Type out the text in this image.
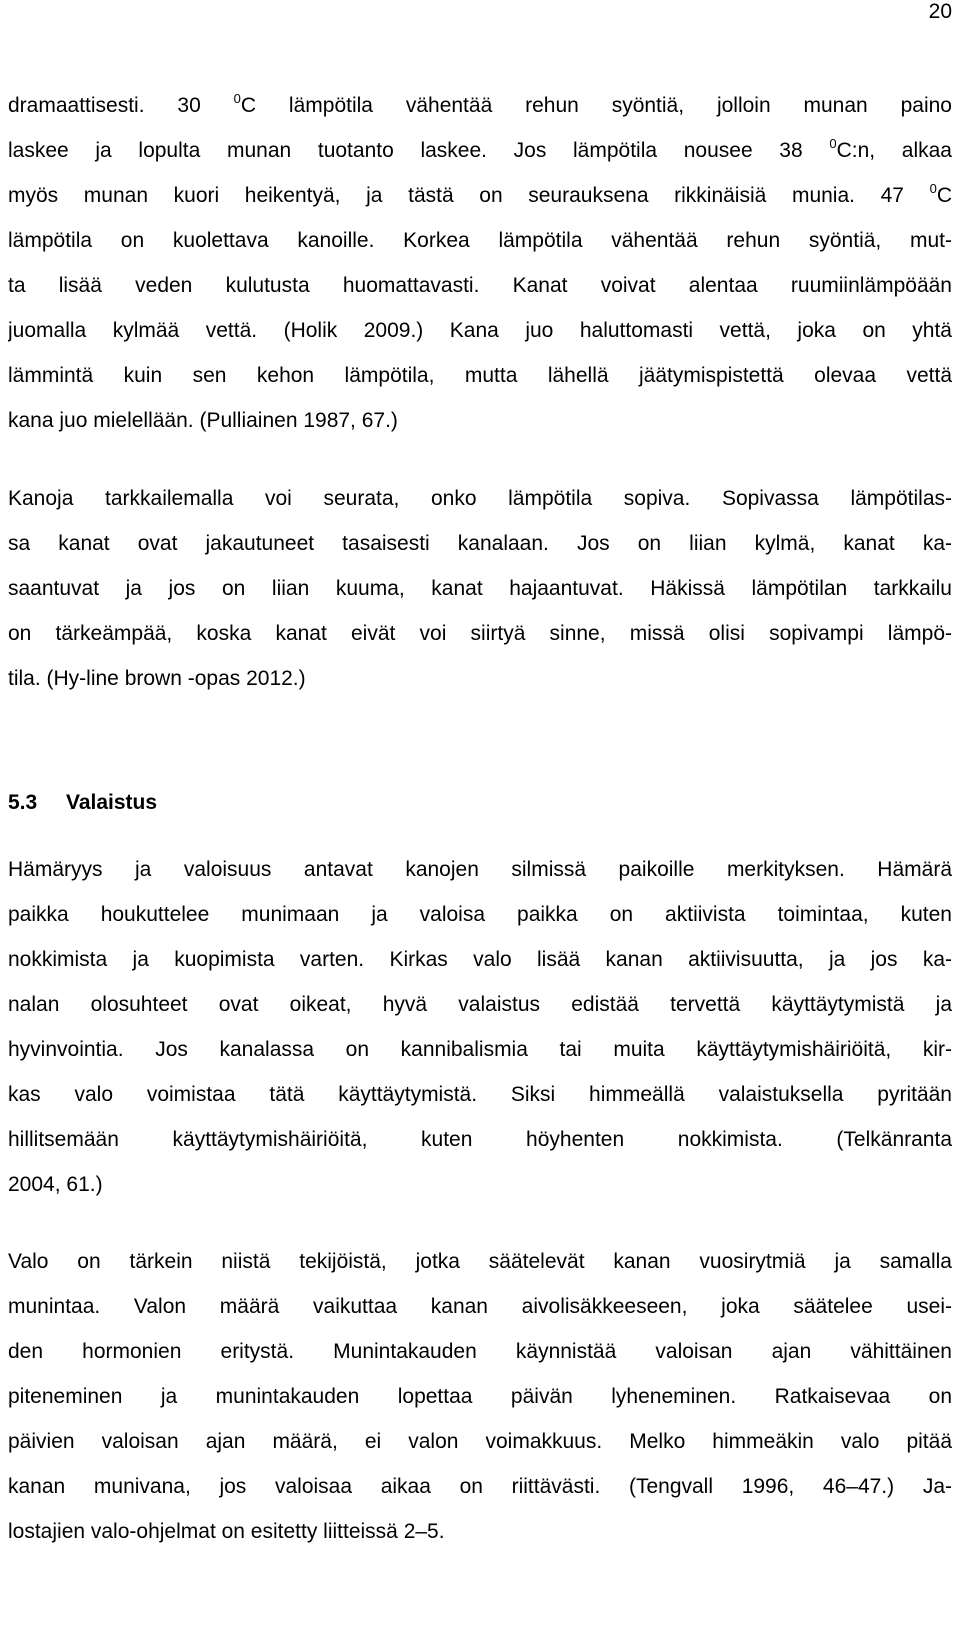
20
dramaattisesti. 30 $^0$C lämpötila vähentää rehun syöntiä, jolloin munan paino
laskee ja lopulta munan tuotanto laskee. Jos lämpötila nousee 38 $^0$C:n, alkaa
myös munan kuori heikentyä, ja tästä on seurauksena rikkinäisiä munia. 47 $^0$C
lämpötila on kuolettava kanoille. Korkea lämpötila vähentää rehun syöntiä, mut-
ta lisää veden kulutusta huomattavasti. Kanat voivat alentaa ruumiinlämpöään
juomalla kylmää vettä. (Holik 2009.) Kana juo haluttomasti vettä, joka on yhtä
lämmintä kuin sen kehon lämpötila, mutta lähellä jäätymispistettä olevaa vettä
kana juo mielellään. (Pulliainen 1987, 67.)
Kanoja tarkkailemalla voi seurata, onko lämpötila sopiva. Sopivassa lämpötilas-
sa kanat ovat jakautuneet tasaisesti kanalaan. Jos on liian kylmä, kanat ka-
saantuvat ja jos on liian kuuma, kanat hajaantuvat. Häkissä lämpötilan tarkkailu
on tärkeämpää, koska kanat eivät voi siirtyä sinne, missä olisi sopivampi lämpö-
tila. (Hy-line brown -opas 2012.)
5.3 Valaistus
Hämäryys ja valoisuus antavat kanojen silmissä paikoille merkityksen. Hämärä
paikka houkuttelee munimaan ja valoisa paikka on aktiivista toimintaa, kuten
nokkimista ja kuopimista varten. Kirkas valo lisää kanan aktiivisuutta, ja jos ka-
nalan olosuhteet ovat oikeat, hyvä valaistus edistää tervettä käyttäytymistä ja
hyvinvointia. Jos kanalassa on kannibalismia tai muita käyttäytymishäiriöitä, kir-
kas valo voimistaa tätä käyttäytymistä. Siksi himmeällä valaistuksella pyritään
hillitsemään käyttäytymishäiriöitä, kuten höyhenten nokkimista. (Telkänranta
2004, 61.)
Valo on tärkein niistä tekijöistä, jotka säätelevät kanan vuosirytmiä ja samalla
munintaa. Valon määrä vaikuttaa kanan aivolisäkkeeseen, joka säätelee usei-
den hormonien eritystä. Munintakauden käynnistää valoisan ajan vähittäinen
piteneminen ja munintakauden lopettaa päivän lyheneminen. Ratkaisevaa on
päivien valoisan ajan määrä, ei valon voimakkuus. Melko himmeäkin valo pitää
kanan munivana, jos valoisaa aikaa on riittävästi. (Tengvall 1996, 46–47.) Ja-
lostajien valo-ohjelmat on esitetty liitteissä 2–5.
